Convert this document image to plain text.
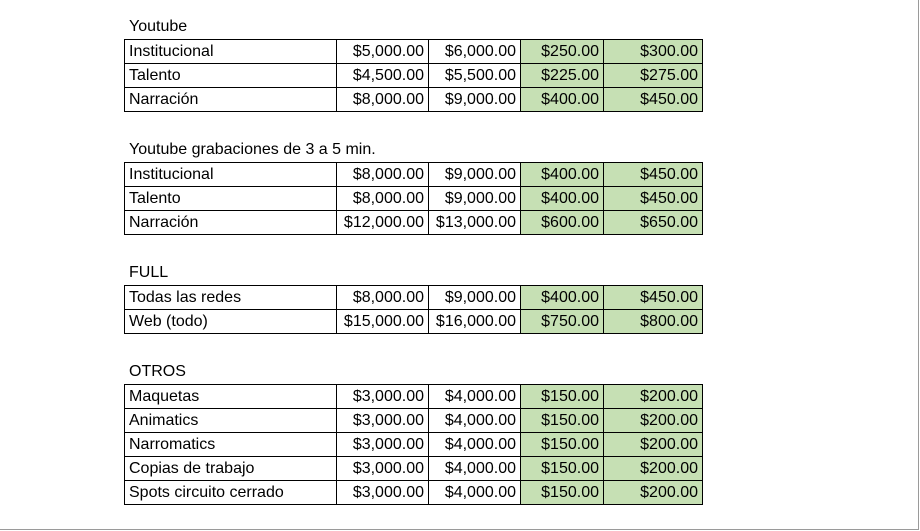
Youtube
Institucional	$5,000.00	$6,000.00	$250.00	$300.00
Talento	$4,500.00	$5,500.00	$225.00	$275.00
Narración	$8,000.00	$9,000.00	$400.00	$450.00
Youtube grabaciones de 3 a 5 min.
Institucional	$8,000.00	$9,000.00	$400.00	$450.00
Talento	$8,000.00	$9,000.00	$400.00	$450.00
Narración	$12,000.00	$13,000.00	$600.00	$650.00
FULL
Todas las redes	$8,000.00	$9,000.00	$400.00	$450.00
Web (todo)	$15,000.00	$16,000.00	$750.00	$800.00
OTROS
Maquetas	$3,000.00	$4,000.00	$150.00	$200.00
Animatics	$3,000.00	$4,000.00	$150.00	$200.00
Narromatics	$3,000.00	$4,000.00	$150.00	$200.00
Copias de trabajo	$3,000.00	$4,000.00	$150.00	$200.00
Spots circuito cerrado	$3,000.00	$4,000.00	$150.00	$200.00
